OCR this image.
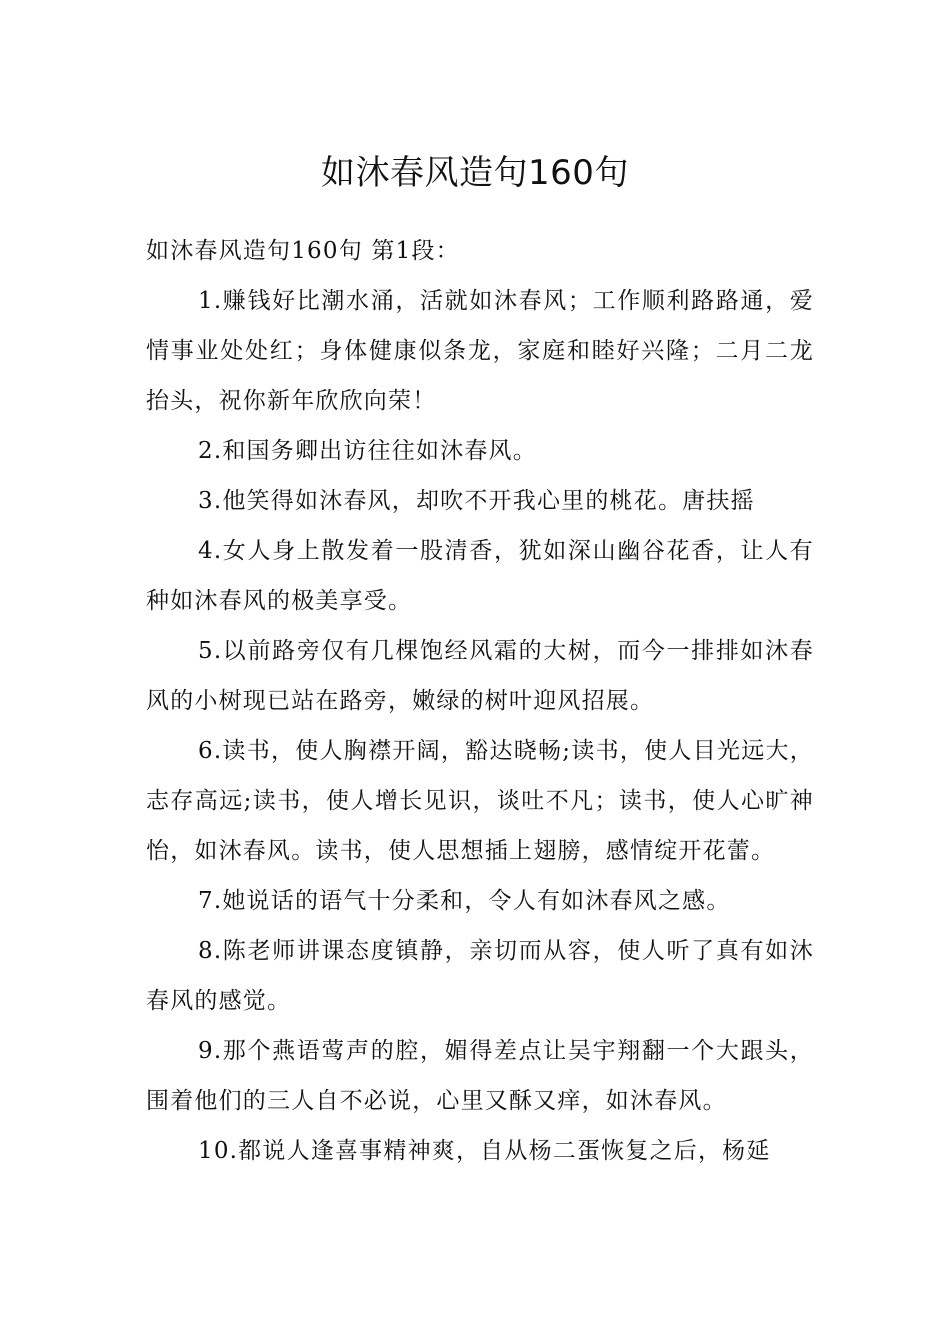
如沐春风造句160句

如沐春风造句160句 第1段：

1.赚钱好比潮水涌，活就如沐春风；工作顺利路路通，爱情事业处处红；身体健康似条龙，家庭和睦好兴隆；二月二龙抬头，祝你新年欣欣向荣！

2.和国务卿出访往往如沐春风。

3.他笑得如沐春风，却吹不开我心里的桃花。唐扶摇

4.女人身上散发着一股清香，犹如深山幽谷花香，让人有种如沐春风的极美享受。

5.以前路旁仅有几棵饱经风霜的大树，而今一排排如沐春风的小树现已站在路旁，嫩绿的树叶迎风招展。

6.读书，使人胸襟开阔，豁达晓畅;读书，使人目光远大，志存高远;读书，使人增长见识，谈吐不凡；读书，使人心旷神怡，如沐春风。读书，使人思想插上翅膀，感情绽开花蕾。

7.她说话的语气十分柔和，令人有如沐春风之感。

8.陈老师讲课态度镇静，亲切而从容，使人听了真有如沐春风的感觉。

9.那个燕语莺声的腔，媚得差点让吴宇翔翻一个大跟头，围着他们的三人自不必说，心里又酥又痒，如沐春风。

10.都说人逢喜事精神爽，自从杨二蛋恢复之后，杨延
